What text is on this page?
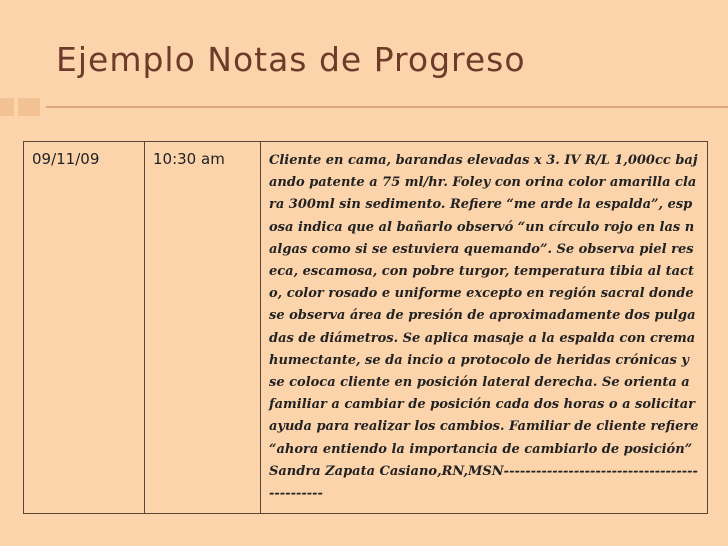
Ejemplo Notas de Progreso
09/11/09	10:30 am	Cliente en cama, barandas elevadas x 3. IV R/L 1,000cc bajando patente a 75 ml/hr. Foley con orina color amarilla clara 300ml sin sedimento. Refiere “me arde la espalda”, esposa indica que al bañarlo observó “un círculo rojo en las nalgas como si se estuviera quemando”. Se observa piel reseca, escamosa, con pobre turgor, temperatura tibia al tacto, color rosado e uniforme excepto en región sacral donde se observa área de presión de aproximadamente dos pulgadas de diámetros. Se aplica masaje a la espalda con crema humectante, se da incio a protocolo de heridas crónicas y se coloca cliente en posición lateral derecha. Se orienta a familiar a cambiar de posición cada dos horas o a solicitar ayuda para realizar los cambios. Familiar de cliente refiere “ahora entiendo la importancia de cambiarlo de posición” Sandra Zapata Casiano,RN,MSN----------------------------------------------
